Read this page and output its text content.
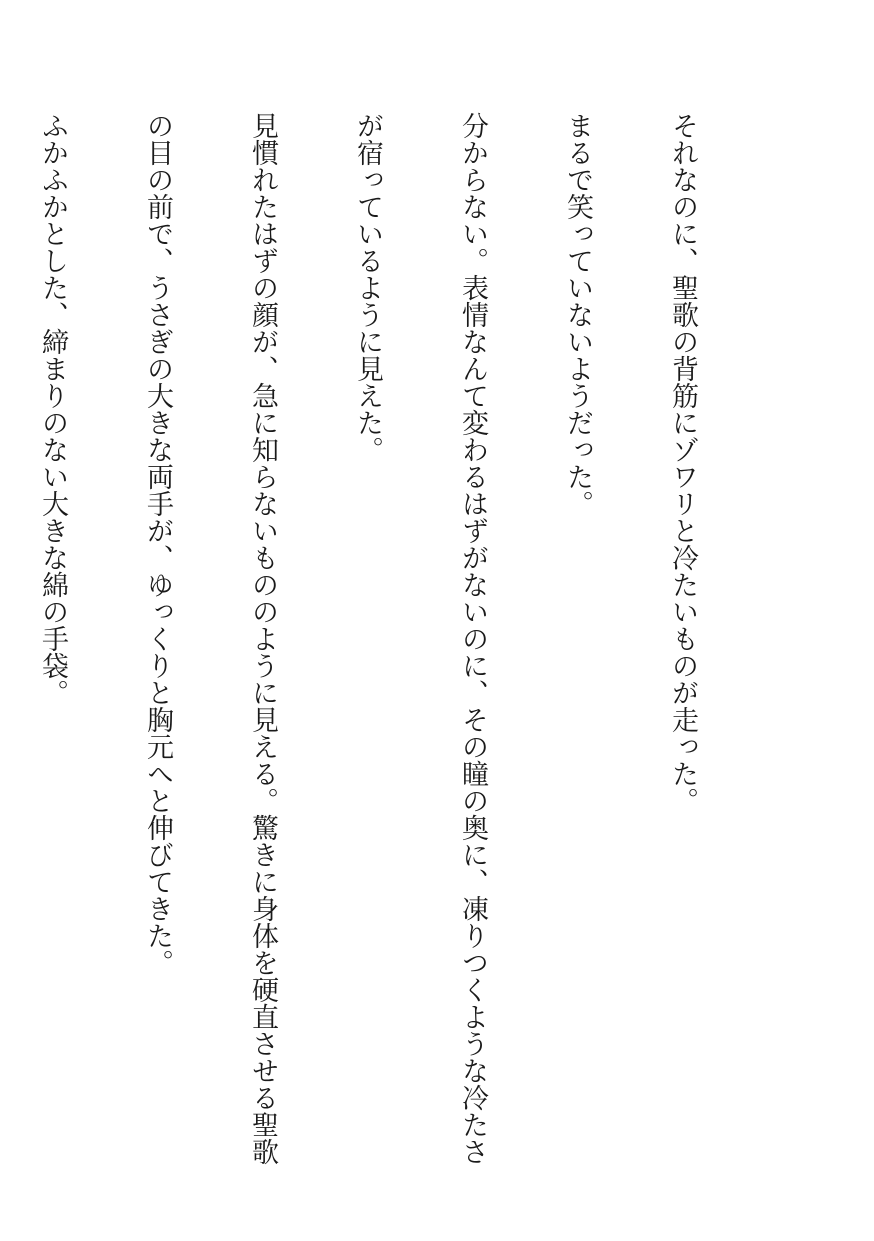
それなのに、聖歌の背筋にゾワリと冷たいものが走った。

まるで笑っていないようだった。

分からない。表情なんて変わるはずがないのに、その瞳の奥に、凍りつくような冷たさ

が宿っているように見えた。

見慣れたはずの顔が、急に知らないもののように見える。驚きに身体を硬直させる聖歌

の目の前で、うさぎの大きな両手が、ゆっくりと胸元へと伸びてきた。

ふかふかとした、締まりのない大きな綿の手袋。
